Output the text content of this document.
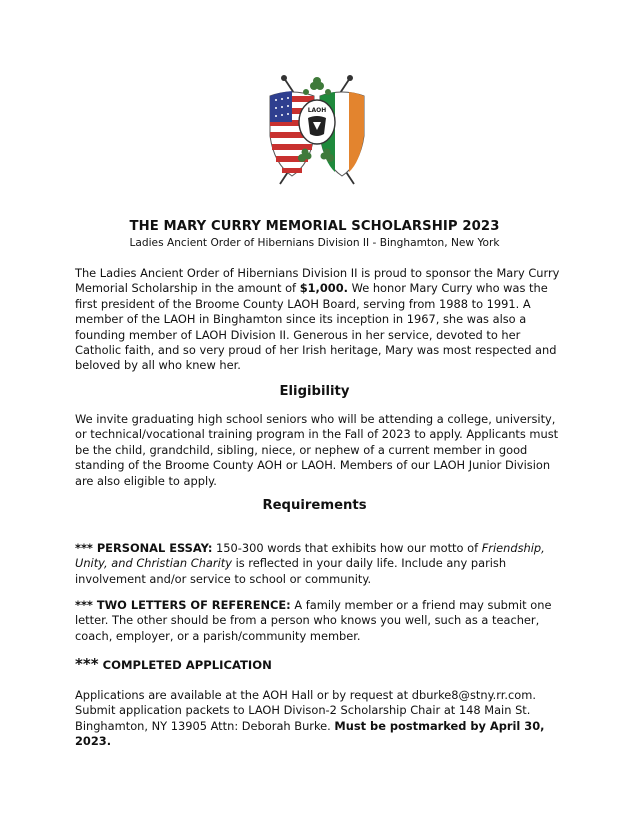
LAOH
THE MARY CURRY MEMORIAL SCHOLARSHIP 2023
Ladies Ancient Order of Hibernians Division II - Binghamton, New York
The Ladies Ancient Order of Hibernians Division II is proud to sponsor the Mary Curry Memorial Scholarship in the amount of $1,000. We honor Mary Curry who was the first president of the Broome County LAOH Board, serving from 1988 to 1991. A member of the LAOH in Binghamton since its inception in 1967, she was also a founding member of LAOH Division II. Generous in her service, devoted to her Catholic faith, and so very proud of her Irish heritage, Mary was most respected and beloved by all who knew her.
Eligibility
We invite graduating high school seniors who will be attending a college, university, or technical/vocational training program in the Fall of 2023 to apply. Applicants must be the child, grandchild, sibling, niece, or nephew of a current member in good standing of the Broome County AOH or LAOH. Members of our LAOH Junior Division are also eligible to apply.
Requirements
*** PERSONAL ESSAY: 150-300 words that exhibits how our motto of Friendship, Unity, and Christian Charity is reflected in your daily life. Include any parish involvement and/or service to school or community.
*** TWO LETTERS OF REFERENCE: A family member or a friend may submit one letter. The other should be from a person who knows you well, such as a teacher, coach, employer, or a parish/community member.
*** COMPLETED APPLICATION
Applications are available at the AOH Hall or by request at dburke8@stny.rr.com. Submit application packets to LAOH Divison-2 Scholarship Chair at 148 Main St. Binghamton, NY 13905 Attn: Deborah Burke. Must be postmarked by April 30, 2023.
